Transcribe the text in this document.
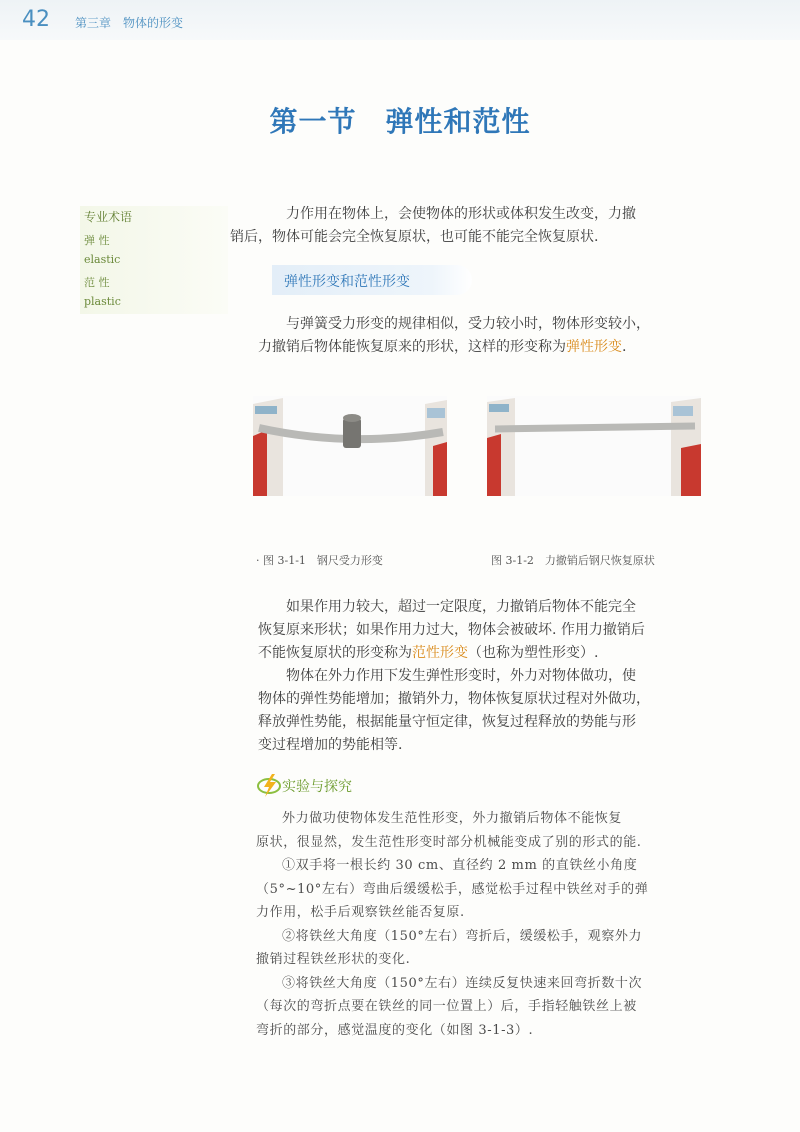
42 第三章　物体的形变
第一节　弹性和范性
专业术语
弹 性
elastic
范 性
plastic
力作用在物体上，会使物体的形状或体积发生改变，力撤
销后，物体可能会完全恢复原状，也可能不能完全恢复原状.
弹性形变和范性形变
与弹簧受力形变的规律相似，受力较小时，物体形变较小，
力撤销后物体能恢复原来的形状，这样的形变称为弹性形变.
· 图 3-1-1　钢尺受力形变	图 3-1-2　力撤销后钢尺恢复原状
如果作用力较大，超过一定限度，力撤销后物体不能完全
恢复原来形状；如果作用力过大，物体会被破坏. 作用力撤销后
不能恢复原状的形变称为范性形变（也称为塑性形变）.
物体在外力作用下发生弹性形变时，外力对物体做功，使
物体的弹性势能增加；撤销外力，物体恢复原状过程对外做功，
释放弹性势能，根据能量守恒定律，恢复过程释放的势能与形
变过程增加的势能相等.
实验与探究
外力做功使物体发生范性形变，外力撤销后物体不能恢复
原状，很显然，发生范性形变时部分机械能变成了别的形式的能.
①双手将一根长约 30 cm、直径约 2 mm 的直铁丝小角度
（5°~10°左右）弯曲后缓缓松手，感觉松手过程中铁丝对手的弹
力作用，松手后观察铁丝能否复原.
②将铁丝大角度（150°左右）弯折后，缓缓松手，观察外力
撤销过程铁丝形状的变化.
③将铁丝大角度（150°左右）连续反复快速来回弯折数十次
（每次的弯折点要在铁丝的同一位置上）后，手指轻触铁丝上被
弯折的部分，感觉温度的变化（如图 3-1-3）.
